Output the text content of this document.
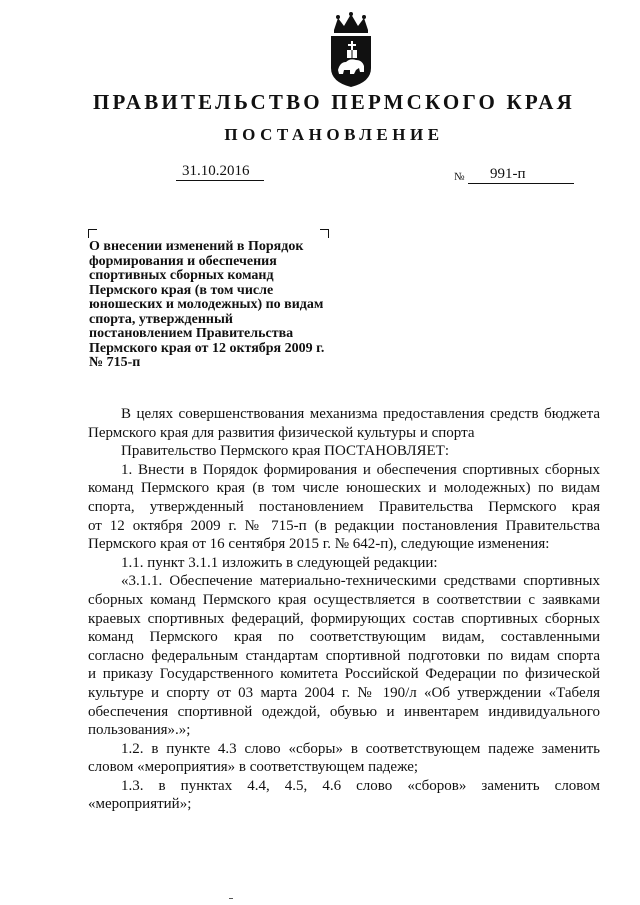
ПРАВИТЕЛЬСТВО ПЕРМСКОГО КРАЯ
ПОСТАНОВЛЕНИЕ
31.10.2016	№	991-п
О внесении изменений в Порядок
формирования и обеспечения
спортивных сборных команд
Пермского края (в том числе
юношеских и молодежных) по видам
спорта, утвержденный
постановлением Правительства
Пермского края от 12 октября 2009 г.
№ 715-п

В целях совершенствования механизма предоставления средств бюджета
Пермского края для развития физической культуры и спорта

Правительство Пермского края ПОСТАНОВЛЯЕТ:

1. Внести в Порядок формирования и обеспечения спортивных сборных
команд Пермского края (в том числе юношеских и молодежных) по видам
спорта, утвержденный постановлением Правительства Пермского края
от 12 октября 2009 г. № 715-п (в редакции постановления Правительства
Пермского края от 16 сентября 2015 г. № 642-п), следующие изменения:

1.1. пункт 3.1.1 изложить в следующей редакции:

«3.1.1. Обеспечение материально-техническими средствами спортивных
сборных команд Пермского края осуществляется в соответствии с заявками
краевых спортивных федераций, формирующих состав спортивных сборных
команд Пермского края по соответствующим видам, составленными
согласно федеральным стандартам спортивной подготовки по видам спорта
и приказу Государственного комитета Российской Федерации по физической
культуре и спорту от 03 марта 2004 г. № 190/л «Об утверждении «Табеля
обеспечения спортивной одеждой, обувью и инвентарем индивидуального
пользования».»;

1.2. в пункте 4.3 слово «сборы» в соответствующем падеже заменить
словом «мероприятия» в соответствующем падеже;

1.3. в пунктах 4.4, 4.5, 4.6 слово «сборов» заменить словом
«мероприятий»;
